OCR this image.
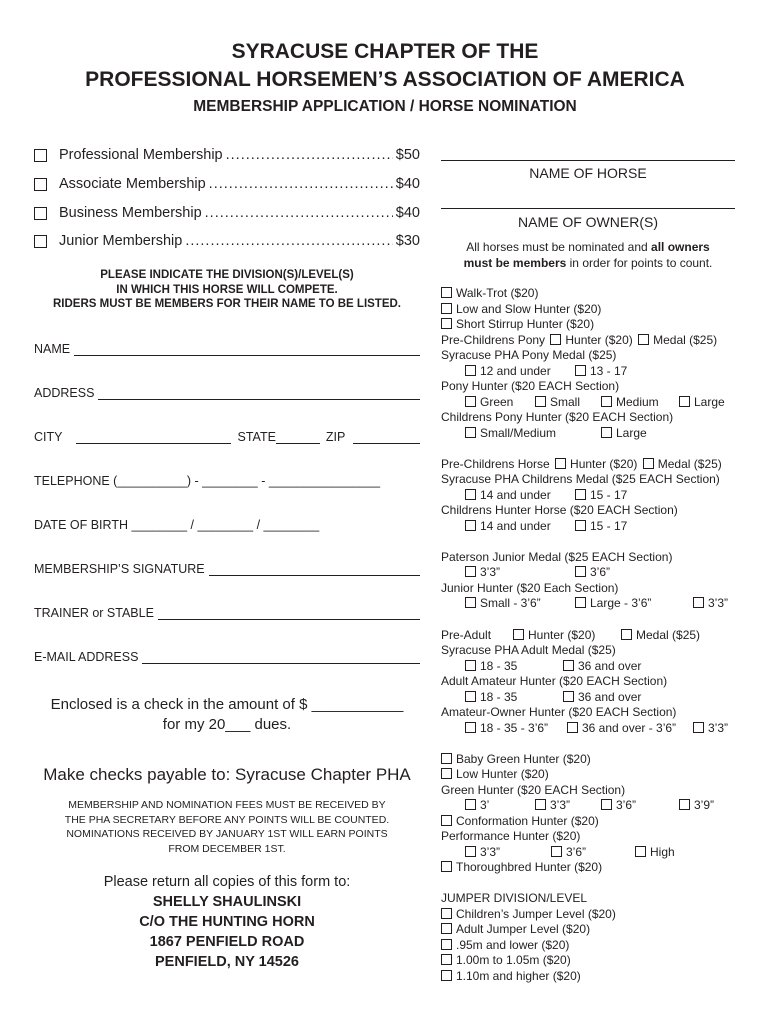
SYRACUSE CHAPTER OF THE
PROFESSIONAL HORSEMEN’S ASSOCIATION OF AMERICA
MEMBERSHIP APPLICATION / HORSE NOMINATION
Professional Membership .....	$50
Associate Membership .....	$40
Business Membership .....	$40
Junior Membership .....	$30
PLEASE INDICATE THE DIVISION(S)/LEVEL(S)
IN WHICH THIS HORSE WILL COMPETE.
RIDERS MUST BE MEMBERS FOR THEIR NAME TO BE LISTED.
NAME
ADDRESS
CITY	STATE	ZIP
TELEPHONE (__________) - ________ - ________________
DATE OF BIRTH ________ / ________ / ________
MEMBERSHIP’S SIGNATURE
TRAINER or STABLE
E-MAIL ADDRESS
Enclosed is a check in the amount of $ ___________
for my 20___ dues.
Make checks payable to: Syracuse Chapter PHA
MEMBERSHIP AND NOMINATION FEES MUST BE RECEIVED BY
THE PHA SECRETARY BEFORE ANY POINTS WILL BE COUNTED.
NOMINATIONS RECEIVED BY JANUARY 1ST WILL EARN POINTS
FROM DECEMBER 1ST.
Please return all copies of this form to:
SHELLY SHAULINSKI
C/O THE HUNTING HORN
1867 PENFIELD ROAD
PENFIELD, NY 14526
NAME OF HORSE
NAME OF OWNER(S)
All horses must be nominated and all owners
must be members in order for points to count.
Walk-Trot ($20)
Low and Slow Hunter ($20)
Short Stirrup Hunter ($20)
Pre-Childrens Pony Hunter ($20) Medal ($25)
Syracuse PHA Pony Medal ($25)
12 and under	13 - 17
Pony Hunter ($20 EACH Section)
Green	Small	Medium	Large
Childrens Pony Hunter ($20 EACH Section)
Small/Medium	Large
Pre-Childrens Horse Hunter ($20) Medal ($25)
Syracuse PHA Childrens Medal ($25 EACH Section)
14 and under	15 - 17
Childrens Hunter Horse ($20 EACH Section)
14 and under	15 - 17
Paterson Junior Medal ($25 EACH Section)
3’3”	3’6”
Junior Hunter ($20 Each Section)
Small - 3’6”	Large - 3’6”	3’3”
Pre-Adult	Hunter ($20)	Medal ($25)
Syracuse PHA Adult Medal ($25)
18 - 35	36 and over
Adult Amateur Hunter ($20 EACH Section)
18 - 35	36 and over
Amateur-Owner Hunter ($20 EACH Section)
18 - 35 - 3’6”	36 and over - 3’6”	3’3”
Baby Green Hunter ($20)
Low Hunter ($20)
Green Hunter ($20 EACH Section)
3’	3’3”	3’6”	3’9”
Conformation Hunter ($20)
Performance Hunter ($20)
3’3”	3’6”	High
Thoroughbred Hunter ($20)
JUMPER DIVISION/LEVEL
Children’s Jumper Level ($20)
Adult Jumper Level ($20)
.95m and lower ($20)
1.00m to 1.05m ($20)
1.10m and higher ($20)
